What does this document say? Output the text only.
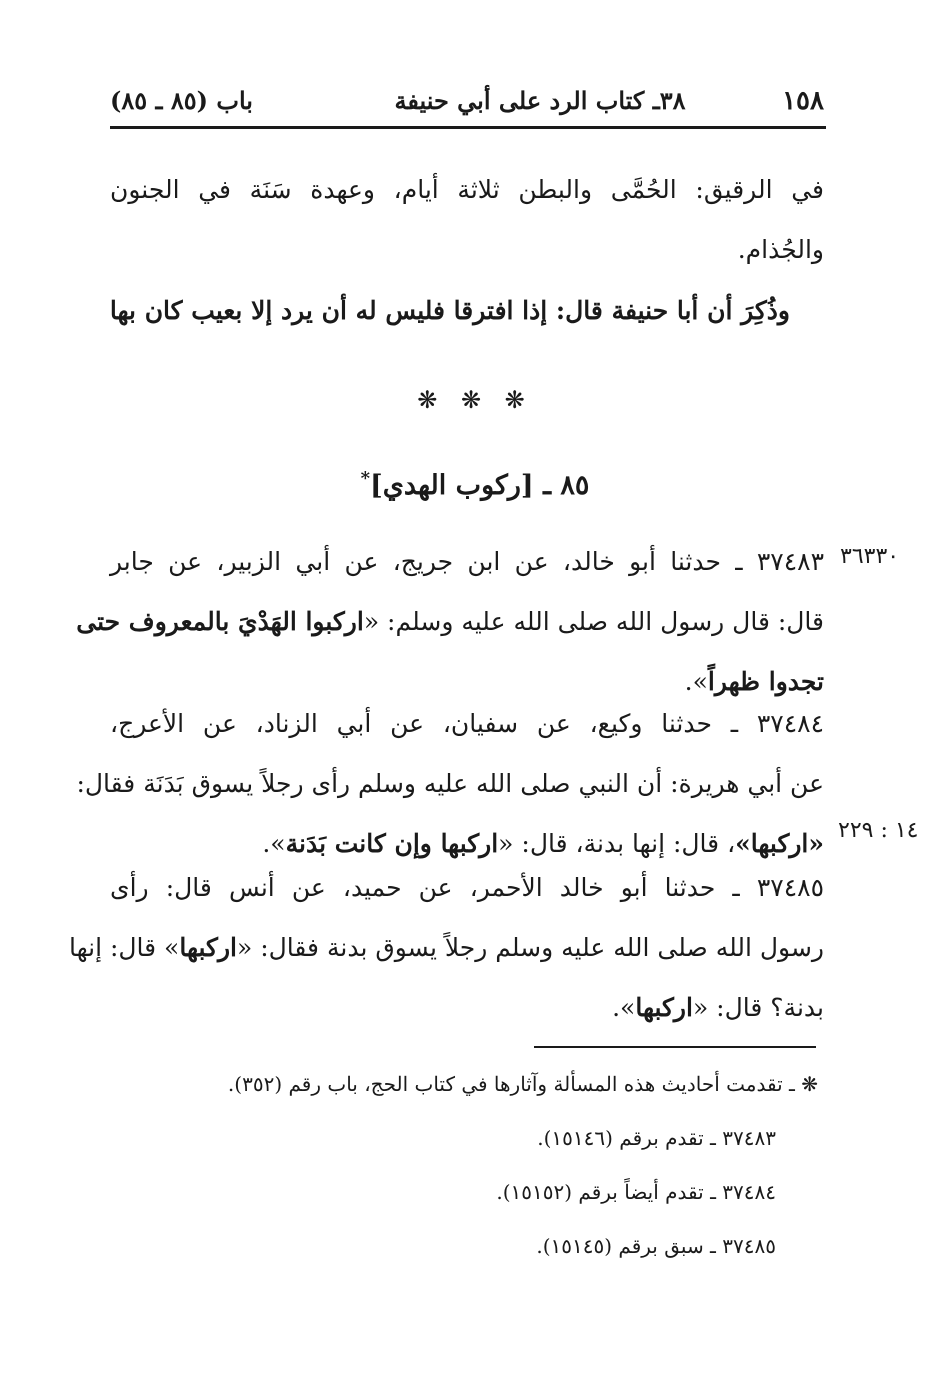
١٥٨
٣٨ـ كتاب الرد على أبي حنيفة
باب (٨٥ ـ ٨٥)
في الرقيق: الحُمَّى والبطن ثلاثة أيام، وعهدة سَنَة في الجنون
والجُذام.
وذُكِرَ أن أبا حنيفة قال: إذا افترقا فليس له أن يرد إلا بعيب كان بها
❋ ❋ ❋
٨٥ ـ [ركوب الهدي]*
٣٦٣٣٠
٣٧٤٨٣ ـ حدثنا أبو خالد، عن ابن جريج، عن أبي الزبير، عن جابر
قال: قال رسول الله صلى الله عليه وسلم: «اركبوا الهَدْيَ بالمعروف حتى
تجدوا ظهراً».
١٤ : ٢٢٩
٣٧٤٨٤ ـ حدثنا وكيع، عن سفيان، عن أبي الزناد، عن الأعرج،
عن أبي هريرة: أن النبي صلى الله عليه وسلم رأى رجلاً يسوق بَدَنَة فقال:
«اركبها»، قال: إنها بدنة، قال: «اركبها وإن كانت بَدَنة».
٣٧٤٨٥ ـ حدثنا أبو خالد الأحمر، عن حميد، عن أنس قال: رأى
رسول الله صلى الله عليه وسلم رجلاً يسوق بدنة فقال: «اركبها» قال: إنها
بدنة؟ قال: «اركبها».
❋ ـ تقدمت أحاديث هذه المسألة وآثارها في كتاب الحج، باب رقم (٣٥٢).
٣٧٤٨٣ ـ تقدم برقم (١٥١٤٦).
٣٧٤٨٤ ـ تقدم أيضاً برقم (١٥١٥٢).
٣٧٤٨٥ ـ سبق برقم (١٥١٤٥).
